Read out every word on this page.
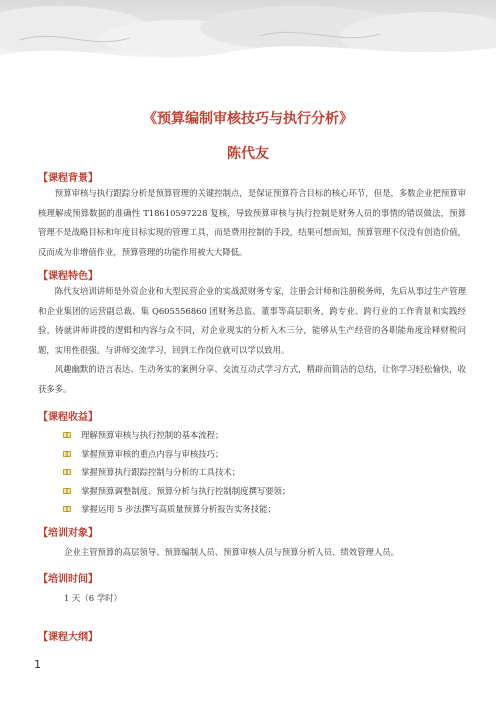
《预算编制审核技巧与执行分析》
陈代友
【课程背景】
预算审核与执行跟踪分析是预算管理的关键控制点，是保证预算符合目标的核心环节，但是，多数企业把预算审核理解成预算数据的准确性 T18610597228 复核，导致预算审核与执行控制是财务人员的事情的错误做法，预算管理不是战略目标和年度目标实现的管理工具，而是费用控制的手段，结果可想而知，预算管理不仅没有创造价值，反而成为非增值作业，预算管理的功能作用被大大降低。
【课程特色】
陈代友培训讲师是外资企业和大型民营企业的实战派财务专家，注册会计师和注册税务师，先后从事过生产管理和企业集团的运营副总裁、集 Q605556860 团财务总监、董事等高层职务，跨专业、跨行业的工作背景和实践经验，铸就讲师讲授的逻辑和内容与众不同，对企业现实的分析入木三分，能够从生产经营的各职能角度诠释财税问题，实用性很强。与讲师交流学习，回到工作岗位就可以学以致用。
风趣幽默的语言表达、生动务实的案例分享、交流互动式学习方式，精辟而简洁的总结，让你学习轻松愉快，收获多多。
【课程收益】
理解预算审核与执行控制的基本流程；
掌握预算审核的重点内容与审核技巧；
掌握预算执行跟踪控制与分析的工具技术；
掌握预算调整制度、预算分析与执行控制制度撰写要领；
掌握运用 5 步法撰写高质量预算分析报告实务技能；
【培训对象】
企业主管预算的高层领导、预算编制人员、预算审核人员与预算分析人员、绩效管理人员。
【培训时间】
1 天（6 学时）
【课程大纲】
1
